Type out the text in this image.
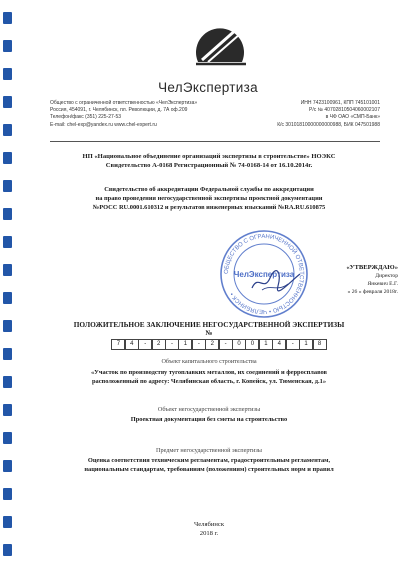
ЧелЭкспертиза
Общество с ограниченной ответственностью «ЧелЭкспертиза»
Россия, 454091, г. Челябинск, пл. Революции, д. 7А оф.209
Телефон/факс (351) 225-27-53
E-mail: chel-exp@yandex.ru www.chel-expert.ru
ИНН 7423100961, КПП 745101001
Р/с № 40702810504060002107
в ЧФ ОАО «СМП-Банк»
К/с 30101810000000000988, БИК 047501988
НП «Национальное объединение организаций экспертизы в строительстве» НОЭКС
Свидетельство А-0168 Регистрационный № 74-0168-14 от 16.10.2014г.
Свидетельство об аккредитации Федеральной службы по аккредитации
на право проведения негосударственной экспертизы проектной документации
№РОСС RU.0001.610312 и результатов инженерных изысканий №RA.RU.610875
ОБЩЕСТВО С ОГРАНИЧЕННОЙ ОТВЕТСТВЕННОСТЬЮ • ЧЕЛЯБИНСК •
ЧелЭкспертиза
«УТВЕРЖДАЮ»
Директор
Янкевич Е.Г.
« 26 » февраля 2018г.
ПОЛОЖИТЕЛЬНОЕ ЗАКЛЮЧЕНИЕ НЕГОСУДАРСТВЕННОЙ ЭКСПЕРТИЗЫ
№
7	4	-	2	-	1	-	2	-	0	0	1	4	-	1	8
Объект капитального строительства
«Участок по производству тугоплавких металлов, их соединений и ферросплавов
расположенный по адресу: Челябинская область, г. Копейск, ул. Тюменская, д.1»
Объект негосударственной экспертизы
Проектная документация без сметы на строительство
Предмет негосударственной экспертизы
Оценка соответствия техническим регламентам, градостроительным регламентам,
национальным стандартам, требованиям (положениям) строительных норм и правил
Челябинск
2018 г.
